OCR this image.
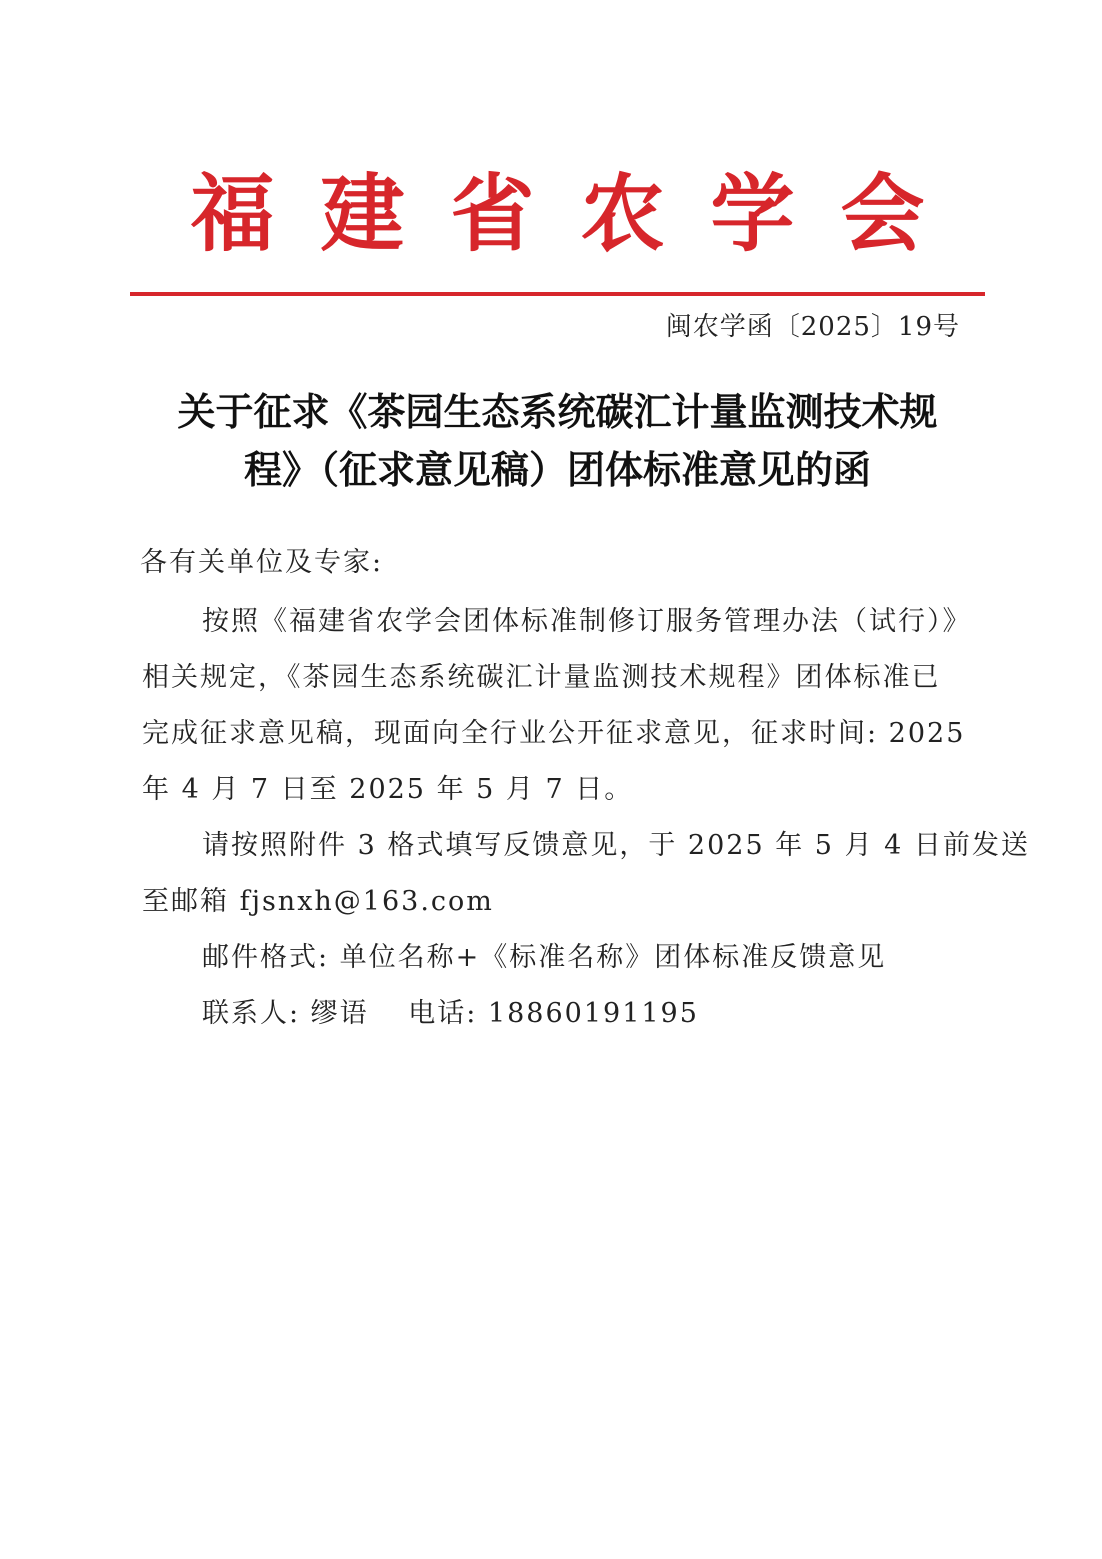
福建省农学会
闽农学函〔2025〕19号
关于征求《茶园生态系统碳汇计量监测技术规
程》（征求意见稿）团体标准意见的函
各有关单位及专家:
按照《福建省农学会团体标准制修订服务管理办法（试行）》
相关规定，《茶园生态系统碳汇计量监测技术规程》团体标准已
完成征求意见稿，现面向全行业公开征求意见，征求时间: 2025
年 4 月 7 日至 2025 年 5 月 7 日。
请按照附件 3 格式填写反馈意见，于 2025 年 5 月 4 日前发送
至邮箱 fjsnxh@163.com
邮件格式: 单位名称+《标准名称》团体标准反馈意见
联系人: 缪语　 电话: 18860191195
